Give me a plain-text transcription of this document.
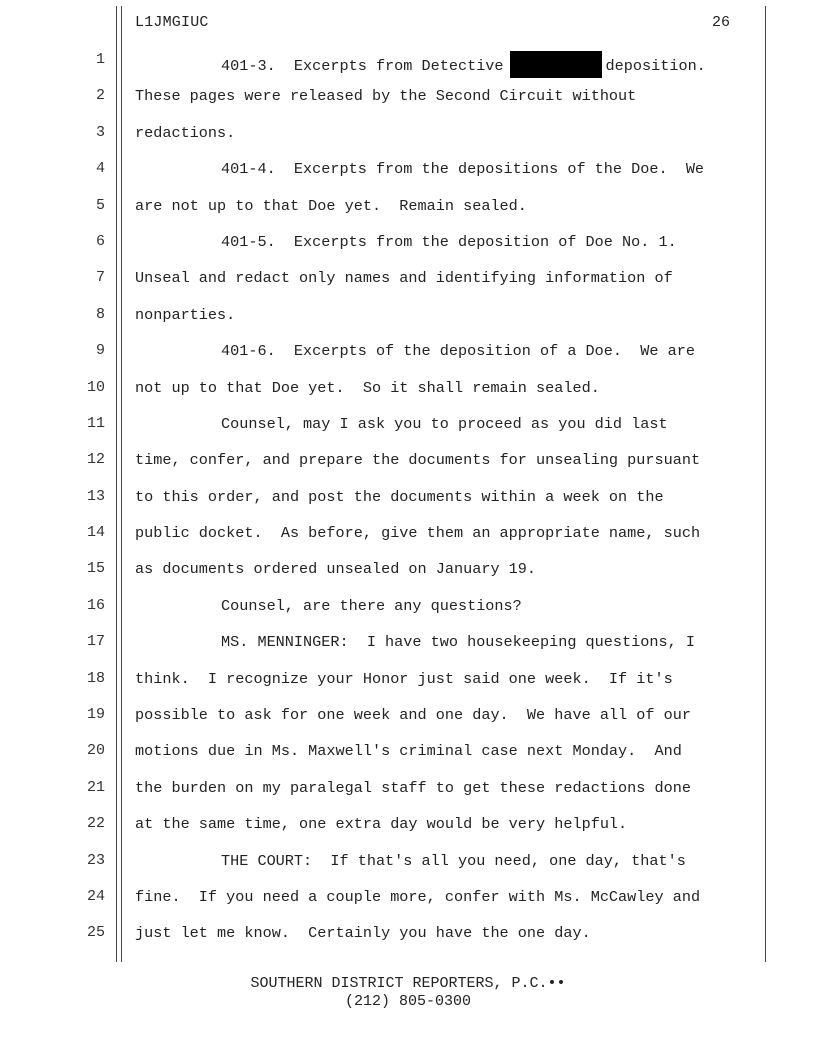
L1JMGIUC	26
1	401-3.  Excerpts from Detective	deposition.
2 These pages were released by the Second Circuit without
3 redactions.
4	401-4.  Excerpts from the depositions of the Doe.  We
5 are not up to that Doe yet.  Remain sealed.
6	401-5.  Excerpts from the deposition of Doe No. 1.
7 Unseal and redact only names and identifying information of
8 nonparties.
9	401-6.  Excerpts of the deposition of a Doe.  We are
10 not up to that Doe yet.  So it shall remain sealed.
11	Counsel, may I ask you to proceed as you did last
12 time, confer, and prepare the documents for unsealing pursuant
13 to this order, and post the documents within a week on the
14 public docket.  As before, give them an appropriate name, such
15 as documents ordered unsealed on January 19.
16	Counsel, are there any questions?
17	MS. MENNINGER:  I have two housekeeping questions, I
18 think.  I recognize your Honor just said one week.  If it's
19 possible to ask for one week and one day.  We have all of our
20 motions due in Ms. Maxwell's criminal case next Monday.  And
21 the burden on my paralegal staff to get these redactions done
22 at the same time, one extra day would be very helpful.
23	THE COURT:  If that's all you need, one day, that's
24 fine.  If you need a couple more, confer with Ms. McCawley and
25 just let me know.  Certainly you have the one day.
SOUTHERN DISTRICT REPORTERS, P.C.••
(212) 805-0300
